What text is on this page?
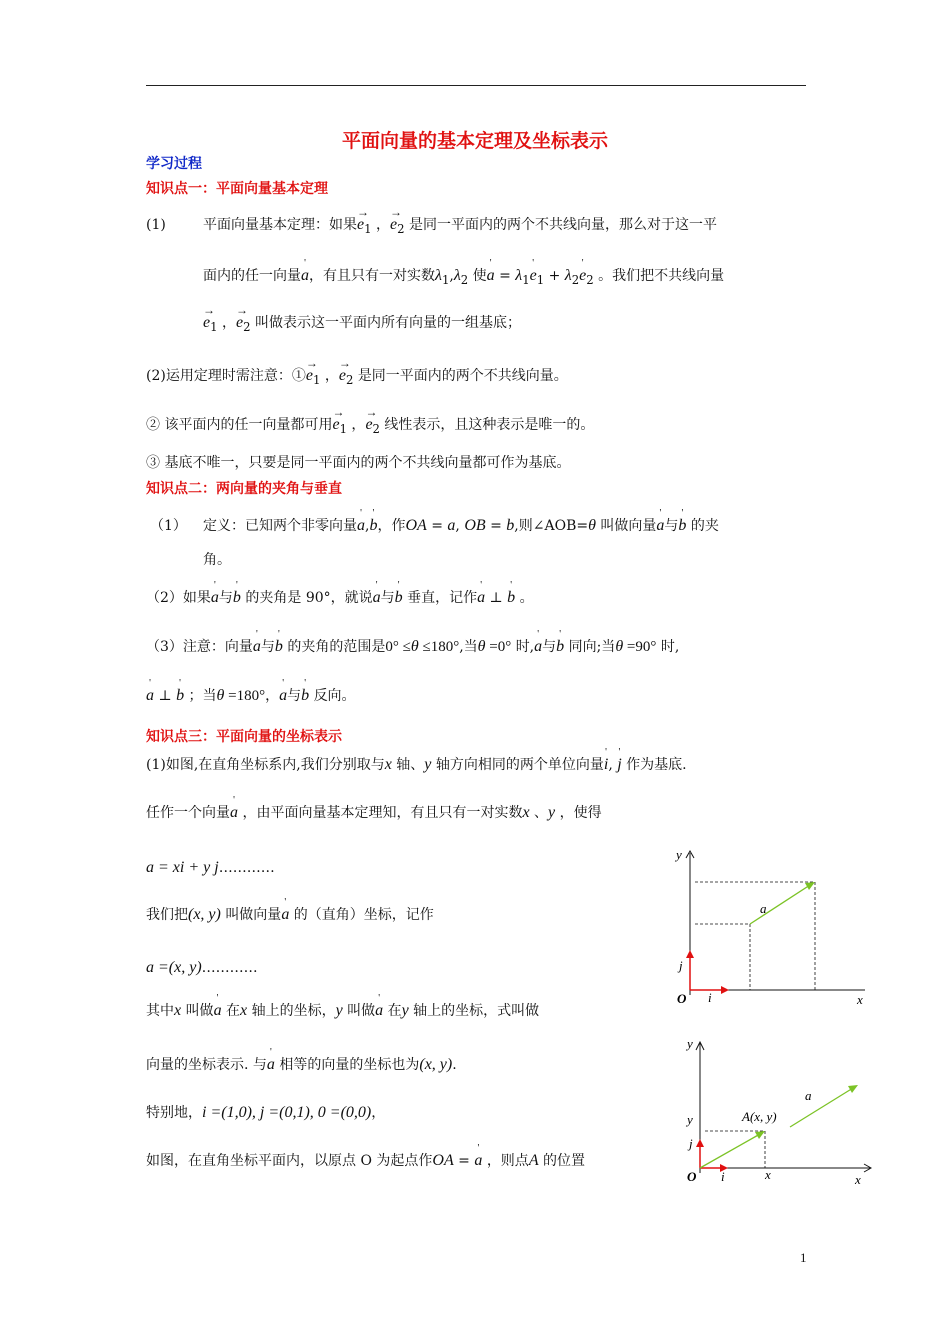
平面向量的基本定理及坐标表示
学习过程
知识点一：平面向量基本定理
(1)	平面向量基本定理：如果→ $e_1$ ，→ $e_2$ 是同一平面内的两个不共线向量，那么对于这一平
面内的任一向量' a，有且只有一对实数$\lambda_1,\lambda_2$ 使' $a = \lambda_1'$ $e_1 + \lambda_2'$ $e_2$ 。我们把不共线向量
→ $e_1$ ，→ $e_2$ 叫做表示这一平面内所有向量的一组基底；
(2)运用定理时需注意：①→ $e_1$ ，→ $e_2$ 是同一平面内的两个不共线向量。
② 该平面内的任一向量都可用→ $e_1$ ，→ $e_2$ 线性表示，且这种表示是唯一的。
③ 基底不唯一，只要是同一平面内的两个不共线向量都可作为基底。
知识点二：两向量的夹角与垂直
（1） 定义：已知两个非零向量' a,' b，作OA = a, OB = b,则∠AOB=θ 叫做向量' a与' b 的夹
角。
（2）如果' a与' b 的夹角是 90°，就说' a与' b 垂直，记作' a ⊥ ' b 。
（3）注意：向量' a与' b 的夹角的范围是0° ≤θ ≤180°,当θ =0° 时,' a与' b 同向;当θ =90° 时,
' a ⊥ ' b ；当θ =180°，' a与' b 反向。
知识点三：平面向量的坐标表示
(1)如图,在直角坐标系内,我们分别取与x 轴、y 轴方向相同的两个单位向量' i, ' j 作为基底.
任作一个向量' a ，由平面向量基本定理知，有且只有一对实数x 、y ，使得
a = xi + y j…………
我们把(x, y) 叫做向量' a 的（直角）坐标，记作
a =(x, y)…………
其中x 叫做' a 在x 轴上的坐标，y 叫做' a 在y 轴上的坐标，式叫做
向量的坐标表示. 与' a 相等的向量的坐标也为(x, y).
特别地，i =(1,0), j =(0,1), 0 =(0,0)，
如图，在直角坐标平面内，以原点 O 为起点作OA = ' a ，则点A 的位置
y
x
O
j
i
a
y
x
O
j
i
y
x
A(x, y)
a
1
